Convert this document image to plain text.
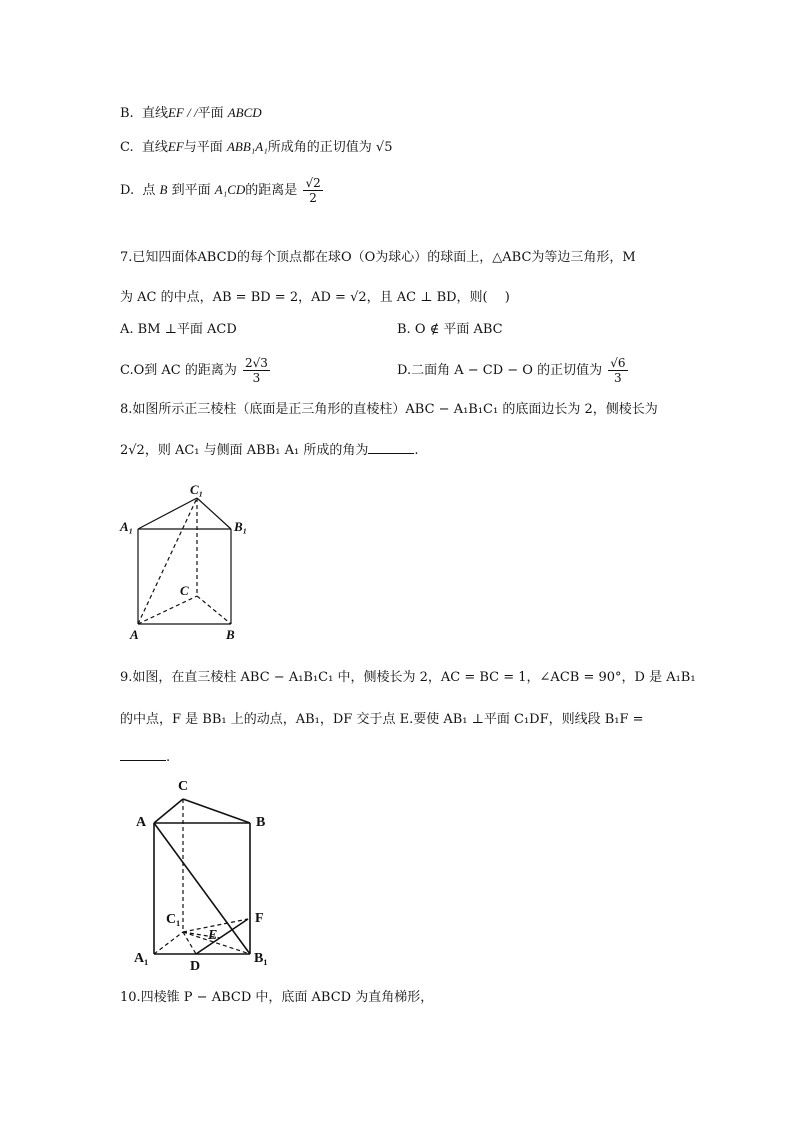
B. 直线EF / /平面 ABCD
C. 直线EF与平面 ABB₁A₁所成角的正切值为 √5
D. 点 B 到平面 A₁CD的距离是 $\frac{√2}{2}$
7.已知四面体ABCD的每个顶点都在球O（O为球心）的球面上，△ABC为等边三角形，M
为 AC 的中点，AB = BD = 2，AD = √2，且 AC ⊥ BD，则(　 )
A. BM ⊥平面 ACD	B. O ∉ 平面 ABC
C.O到 AC 的距离为 $\frac{2√3}{3}$	D.二面角 A − CD − O 的正切值为 $\frac{√6}{3}$
8.如图所示正三棱柱（底面是正三角形的直棱柱）ABC − A₁B₁C₁ 的底面边长为 2，侧棱长为
2√2，则 AC₁ 与侧面 ABB₁ A₁ 所成的角为	.
C₁
A₁	B₁
C
A	B
9.如图，在直三棱柱 ABC − A₁B₁C₁ 中，侧棱长为 2，AC = BC = 1，∠ACB = 90°，D 是 A₁B₁
的中点，F 是 BB₁ 上的动点，AB₁，DF 交于点 E.要使 AB₁ ⊥平面 C₁DF，则线段 B₁F =
.
C
A	B
C₁	F
E
A₁
D
B₁
10.四棱锥 P − ABCD 中，底面 ABCD 为直角梯形，
